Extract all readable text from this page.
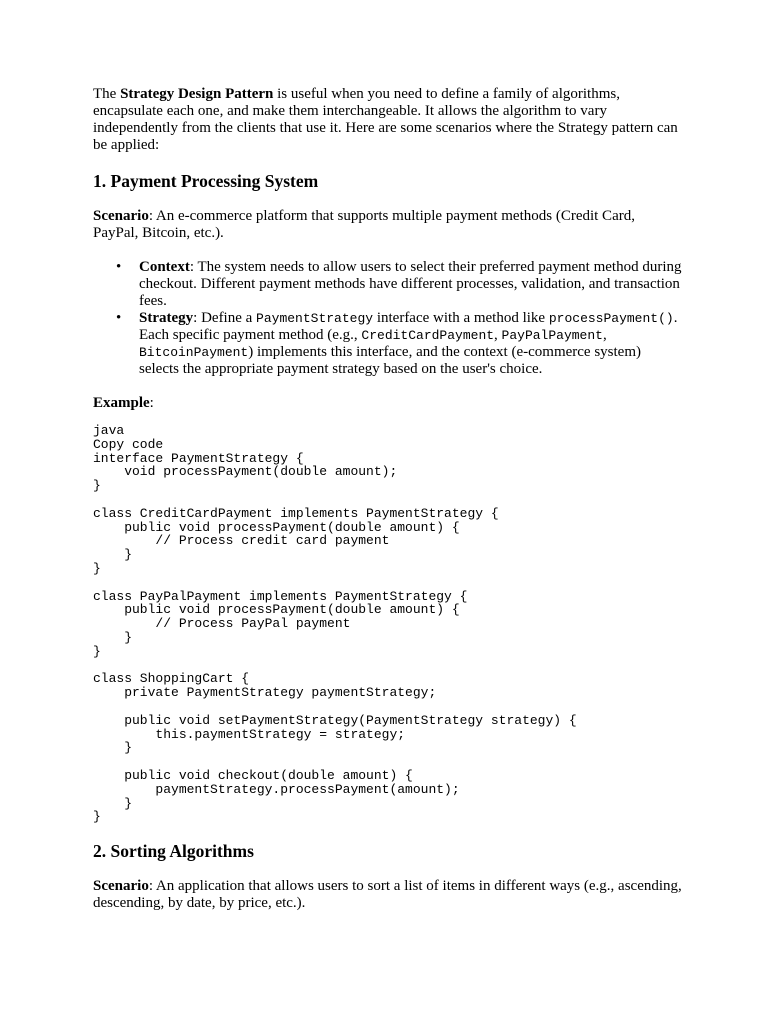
The Strategy Design Pattern is useful when you need to define a family of algorithms, encapsulate each one, and make them interchangeable. It allows the algorithm to vary independently from the clients that use it. Here are some scenarios where the Strategy pattern can be applied:

1. Payment Processing System

Scenario: An e-commerce platform that supports multiple payment methods (Credit Card, PayPal, Bitcoin, etc.).

• Context: The system needs to allow users to select their preferred payment method during checkout. Different payment methods have different processes, validation, and transaction fees.
• Strategy: Define a PaymentStrategy interface with a method like processPayment(). Each specific payment method (e.g., CreditCardPayment, PayPalPayment, BitcoinPayment) implements this interface, and the context (e-commerce system) selects the appropriate payment strategy based on the user's choice.

Example:

java
Copy code
interface PaymentStrategy {
void processPayment(double amount);
}

class CreditCardPayment implements PaymentStrategy {
public void processPayment(double amount) {
// Process credit card payment
}
}

class PayPalPayment implements PaymentStrategy {
public void processPayment(double amount) {
// Process PayPal payment
}
}

class ShoppingCart {
private PaymentStrategy paymentStrategy;

public void setPaymentStrategy(PaymentStrategy strategy) {
this.paymentStrategy = strategy;
}

public void checkout(double amount) {
paymentStrategy.processPayment(amount);
}
}
2. Sorting Algorithms

Scenario: An application that allows users to sort a list of items in different ways (e.g., ascending, descending, by date, by price, etc.).
